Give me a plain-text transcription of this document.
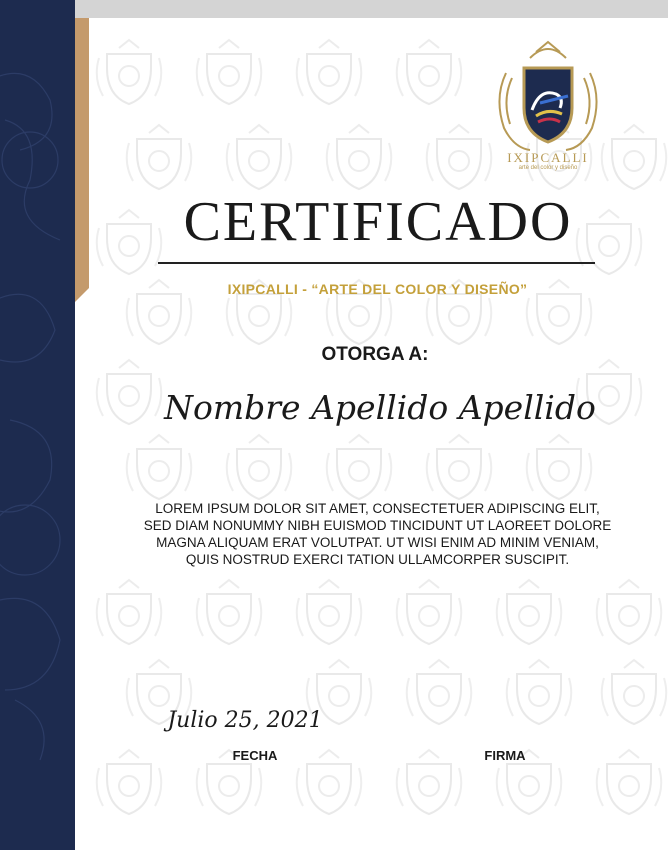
IXIPCALLI
arte del color y diseño
CERTIFICADO
IXIPCALLI - “ARTE DEL COLOR Y DISEÑO”
OTORGA A:
Nombre Apellido Apellido
LOREM IPSUM DOLOR SIT AMET, CONSECTETUER ADIPISCING ELIT, SED DIAM NONUMMY NIBH EUISMOD TINCIDUNT UT LAOREET DOLORE MAGNA ALIQUAM ERAT VOLUTPAT. UT WISI ENIM AD MINIM VENIAM, QUIS NOSTRUD EXERCI TATION ULLAMCORPER SUSCIPIT.
Julio 25, 2021
FECHA	FIRMA
